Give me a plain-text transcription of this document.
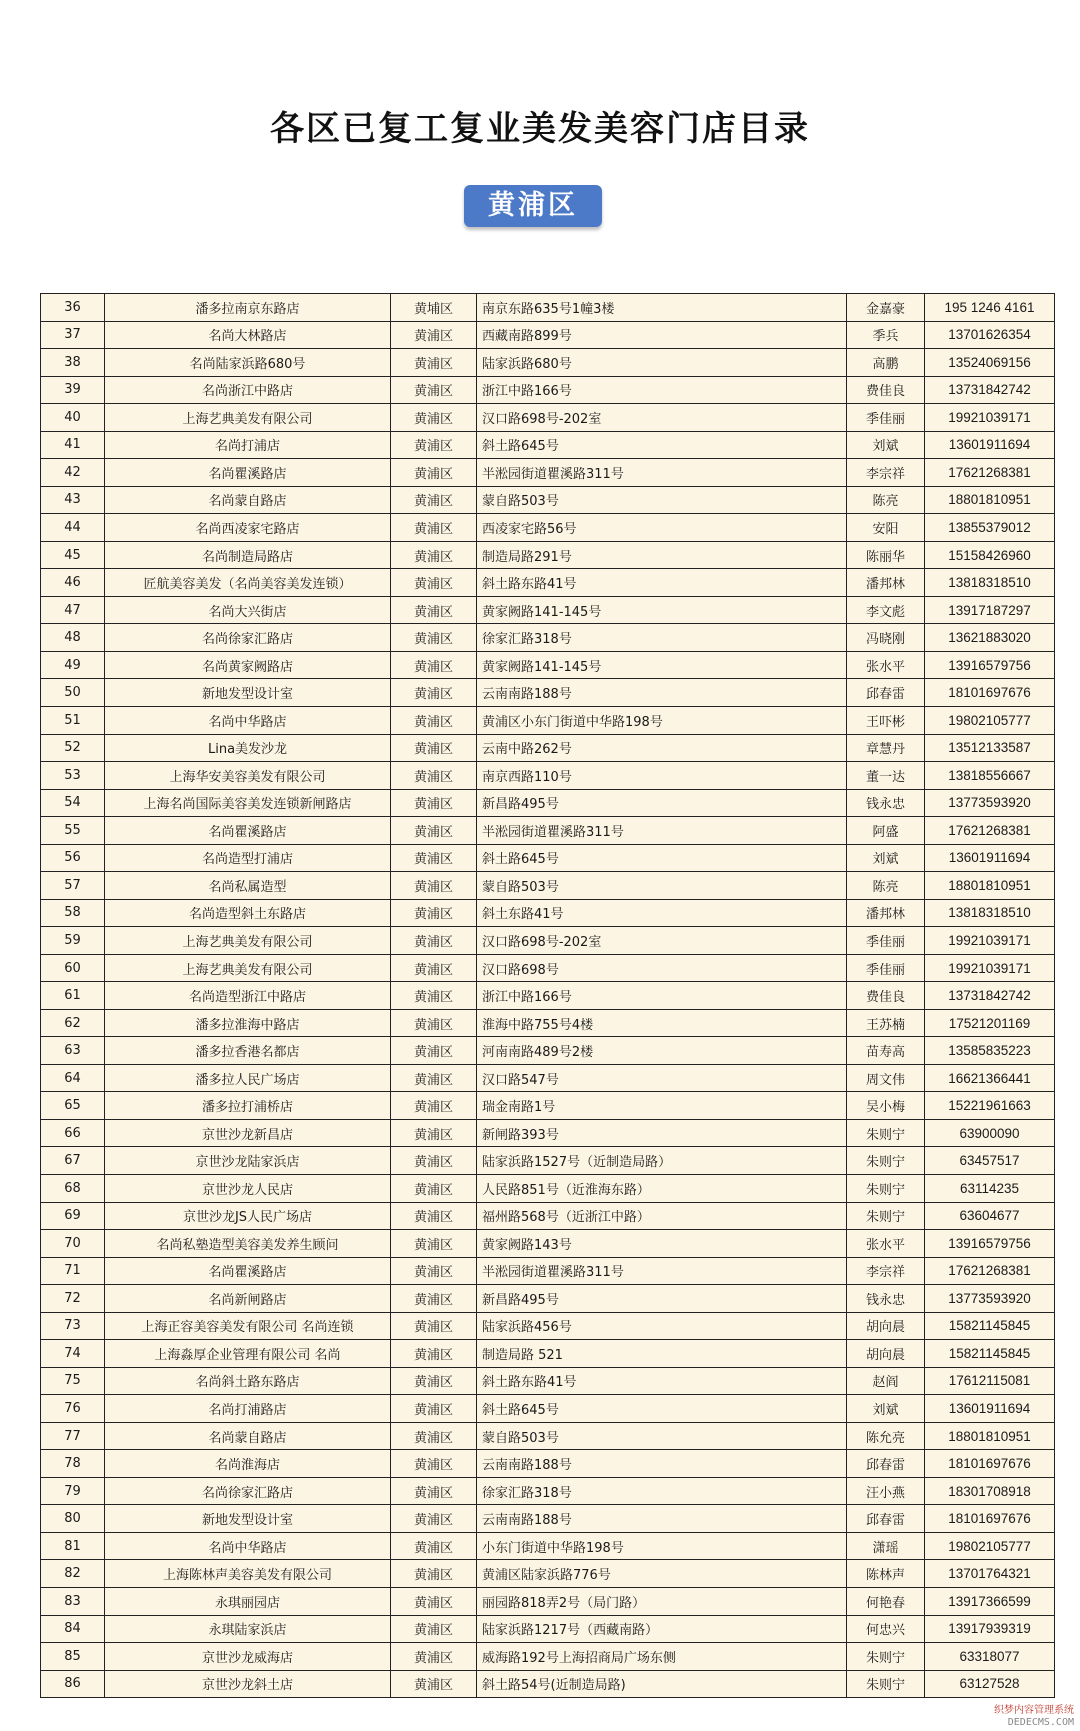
各区已复工复业美发美容门店目录
黄浦区
36	潘多拉南京东路店	黄埔区	南京东路635号1幢3楼	金嘉豪	195 1246 4161
37	名尚大林路店	黄浦区	西藏南路899号	季兵	13701626354
38	名尚陆家浜路680号	黄浦区	陆家浜路680号	高鹏	13524069156
39	名尚浙江中路店	黄浦区	浙江中路166号	费佳良	13731842742
40	上海艺典美发有限公司	黄浦区	汉口路698号-202室	季佳丽	19921039171
41	名尚打浦店	黄浦区	斜土路645号	刘斌	13601911694
42	名尚瞿溪路店	黄浦区	半淞园街道瞿溪路311号	李宗祥	17621268381
43	名尚蒙自路店	黄浦区	蒙自路503号	陈亮	18801810951
44	名尚西凌家宅路店	黄浦区	西凌家宅路56号	安阳	13855379012
45	名尚制造局路店	黄浦区	制造局路291号	陈丽华	15158426960
46	匠航美容美发（名尚美容美发连锁）	黄浦区	斜土路东路41号	潘邦林	13818318510
47	名尚大兴街店	黄浦区	黄家阙路141-145号	李文彪	13917187297
48	名尚徐家汇路店	黄浦区	徐家汇路318号	冯晓刚	13621883020
49	名尚黄家阙路店	黄浦区	黄家阙路141-145号	张水平	13916579756
50	新地发型设计室	黄浦区	云南南路188号	邱春雷	18101697676
51	名尚中华路店	黄浦区	黄浦区小东门街道中华路198号	王吓彬	19802105777
52	Lina美发沙龙	黄浦区	云南中路262号	章慧丹	13512133587
53	上海华安美容美发有限公司	黄浦区	南京西路110号	董一达	13818556667
54	上海名尚国际美容美发连锁新闸路店	黄浦区	新昌路495号	钱永忠	13773593920
55	名尚瞿溪路店	黄浦区	半淞园街道瞿溪路311号	阿盛	17621268381
56	名尚造型打浦店	黄浦区	斜土路645号	刘斌	13601911694
57	名尚私属造型	黄浦区	蒙自路503号	陈亮	18801810951
58	名尚造型斜土东路店	黄浦区	斜土东路41号	潘邦林	13818318510
59	上海艺典美发有限公司	黄浦区	汉口路698号-202室	季佳丽	19921039171
60	上海艺典美发有限公司	黄浦区	汉口路698号	季佳丽	19921039171
61	名尚造型浙江中路店	黄浦区	浙江中路166号	费佳良	13731842742
62	潘多拉淮海中路店	黄浦区	淮海中路755号4楼	王苏楠	17521201169
63	潘多拉香港名都店	黄浦区	河南南路489号2楼	苗寿高	13585835223
64	潘多拉人民广场店	黄浦区	汉口路547号	周文伟	16621366441
65	潘多拉打浦桥店	黄浦区	瑞金南路1号	吴小梅	15221961663
66	京世沙龙新昌店	黄浦区	新闸路393号	朱则宁	63900090
67	京世沙龙陆家浜店	黄浦区	陆家浜路1527号（近制造局路）	朱则宁	63457517
68	京世沙龙人民店	黄浦区	人民路851号（近淮海东路）	朱则宁	63114235
69	京世沙龙JS人民广场店	黄浦区	福州路568号（近浙江中路）	朱则宁	63604677
70	名尚私塾造型美容美发养生顾问	黄浦区	黄家阙路143号	张水平	13916579756
71	名尚瞿溪路店	黄浦区	半淞园街道瞿溪路311号	李宗祥	17621268381
72	名尚新闸路店	黄浦区	新昌路495号	钱永忠	13773593920
73	上海正容美容美发有限公司 名尚连锁	黄浦区	陆家浜路456号	胡向晨	15821145845
74	上海淼厚企业管理有限公司 名尚	黄浦区	制造局路 521	胡向晨	15821145845
75	名尚斜土路东路店	黄浦区	斜土路东路41号	赵阎	17612115081
76	名尚打浦路店	黄浦区	斜土路645号	刘斌	13601911694
77	名尚蒙自路店	黄浦区	蒙自路503号	陈允亮	18801810951
78	名尚淮海店	黄浦区	云南南路188号	邱春雷	18101697676
79	名尚徐家汇路店	黄浦区	徐家汇路318号	汪小燕	18301708918
80	新地发型设计室	黄浦区	云南南路188号	邱春雷	18101697676
81	名尚中华路店	黄浦区	小东门街道中华路198号	潇瑶	19802105777
82	上海陈林声美容美发有限公司	黄浦区	黄浦区陆家浜路776号	陈林声	13701764321
83	永琪丽园店	黄浦区	丽园路818弄2号（局门路）	何艳春	13917366599
84	永琪陆家浜店	黄浦区	陆家浜路1217号（西藏南路）	何忠兴	13917939319
85	京世沙龙威海店	黄浦区	威海路192号上海招商局广场东侧	朱则宁	63318077
86	京世沙龙斜土店	黄浦区	斜土路54号(近制造局路)	朱则宁	63127528
织梦内容管理系统
DEDECMS.COM
